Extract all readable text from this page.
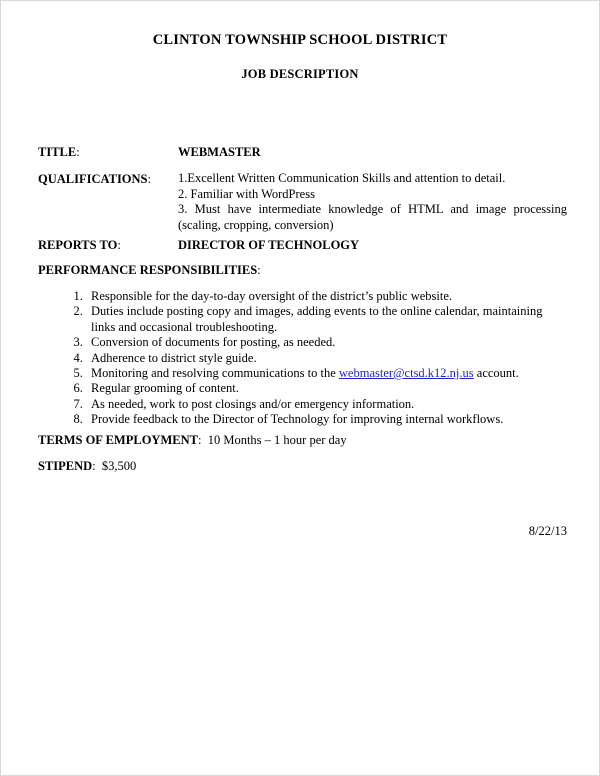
CLINTON TOWNSHIP SCHOOL DISTRICT
JOB DESCRIPTION
TITLE:	WEBMASTER
QUALIFICATIONS:	1.Excellent Written Communication Skills and attention to detail.
2. Familiar with WordPress
3. Must have intermediate knowledge of HTML and image processing (scaling, cropping, conversion)
REPORTS TO:	DIRECTOR OF TECHNOLOGY
PERFORMANCE RESPONSIBILITIES:
1. Responsible for the day-to-day oversight of the district’s public website.
2. Duties include posting copy and images, adding events to the online calendar, maintaining links and occasional troubleshooting.
3. Conversion of documents for posting, as needed.
4. Adherence to district style guide.
5. Monitoring and resolving communications to the webmaster@ctsd.k12.nj.us account.
6. Regular grooming of content.
7. As needed, work to post closings and/or emergency information.
8. Provide feedback to the Director of Technology for improving internal workflows.
TERMS OF EMPLOYMENT: 10 Months – 1 hour per day
STIPEND: $3,500
8/22/13
